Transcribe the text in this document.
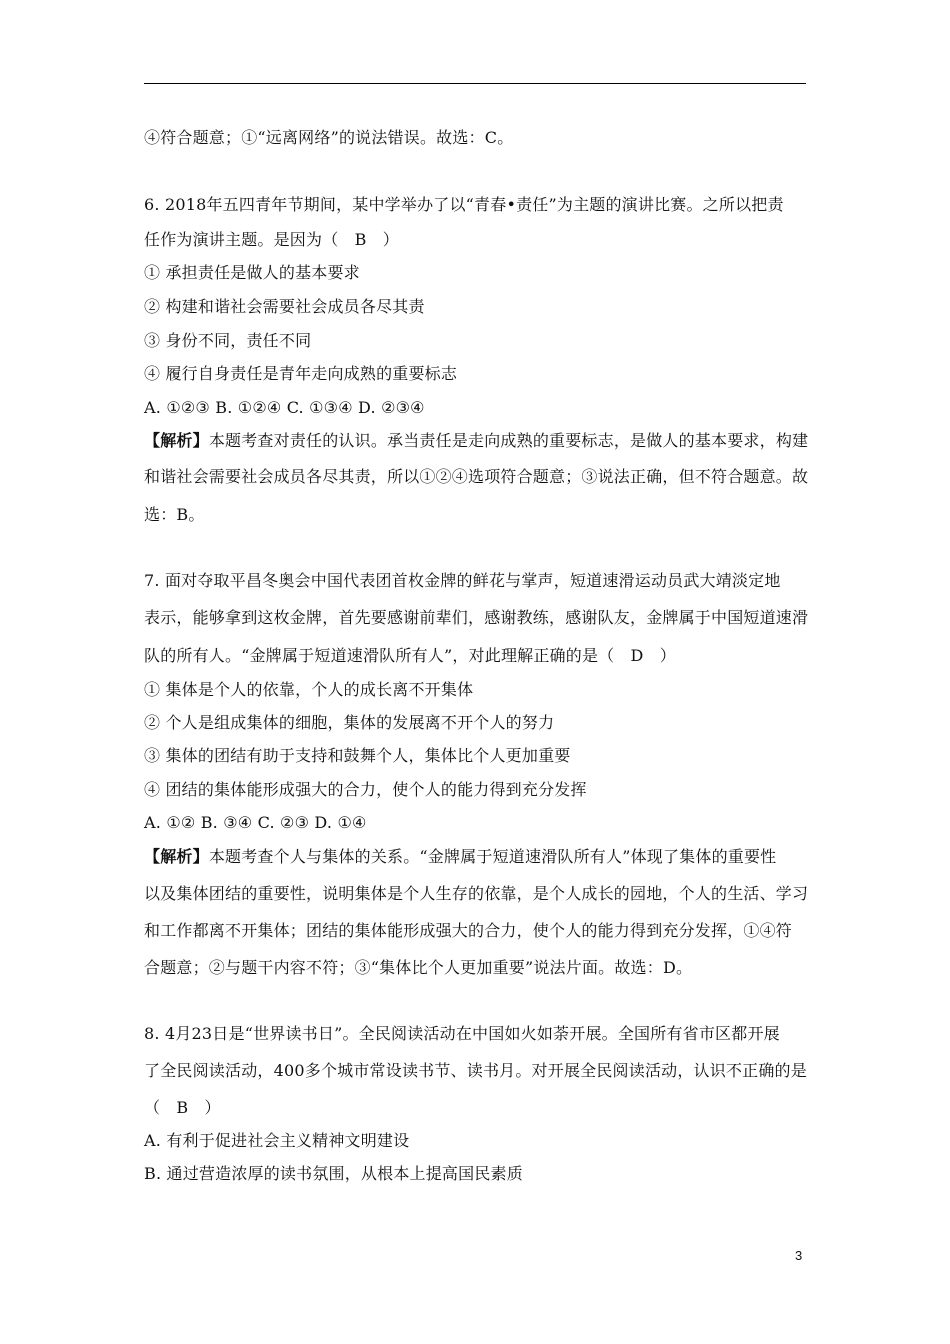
④符合题意；①“远离网络”的说法错误。故选：C。
6. 2018年五四青年节期间，某中学举办了以“青春•责任”为主题的演讲比赛。之所以把责
任作为演讲主题。是因为（　B　）
① 承担责任是做人的基本要求
② 构建和谐社会需要社会成员各尽其责
③ 身份不同，责任不同
④ 履行自身责任是青年走向成熟的重要标志
A. ①②③ B. ①②④ C. ①③④ D. ②③④
【解析】本题考查对责任的认识。承当责任是走向成熟的重要标志，是做人的基本要求，构建
和谐社会需要社会成员各尽其责，所以①②④选项符合题意；③说法正确，但不符合题意。故
选：B。
7. 面对夺取平昌冬奥会中国代表团首枚金牌的鲜花与掌声，短道速滑运动员武大靖淡定地
表示，能够拿到这枚金牌，首先要感谢前辈们，感谢教练，感谢队友，金牌属于中国短道速滑
队的所有人。“金牌属于短道速滑队所有人”，对此理解正确的是（　D　）
① 集体是个人的依靠，个人的成长离不开集体
② 个人是组成集体的细胞，集体的发展离不开个人的努力
③ 集体的团结有助于支持和鼓舞个人，集体比个人更加重要
④ 团结的集体能形成强大的合力，使个人的能力得到充分发挥
A. ①② B. ③④ C. ②③ D. ①④
【解析】本题考查个人与集体的关系。“金牌属于短道速滑队所有人”体现了集体的重要性
以及集体团结的重要性，说明集体是个人生存的依靠，是个人成长的园地，个人的生活、学习
和工作都离不开集体；团结的集体能形成强大的合力，使个人的能力得到充分发挥，①④符
合题意；②与题干内容不符；③“集体比个人更加重要”说法片面。故选：D。
8. 4月23日是“世界读书日”。全民阅读活动在中国如火如荼开展。全国所有省市区都开展
了全民阅读活动，400多个城市常设读书节、读书月。对开展全民阅读活动，认识不正确的是
（　B　）
A. 有利于促进社会主义精神文明建设
B. 通过营造浓厚的读书氛围，从根本上提高国民素质
3
